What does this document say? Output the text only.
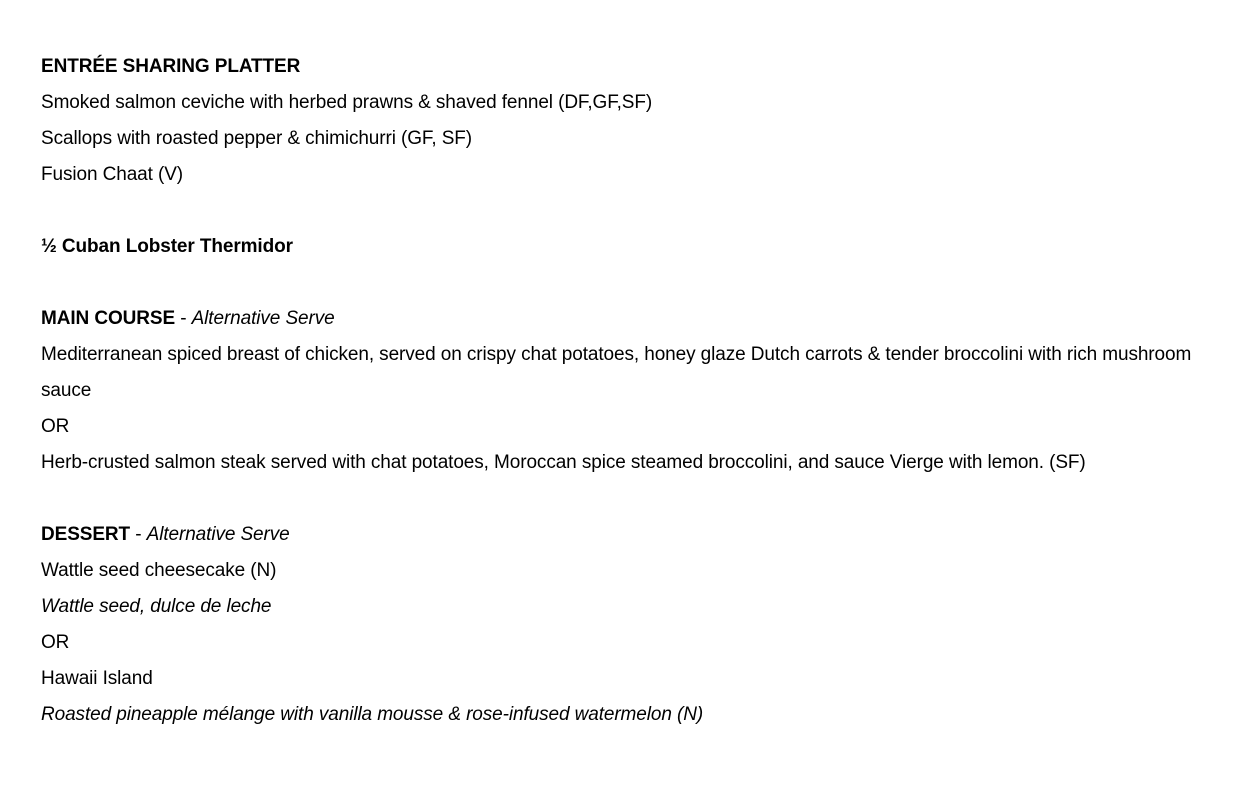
ENTRÉE SHARING PLATTER
Smoked salmon ceviche with herbed prawns & shaved fennel (DF,GF,SF)
Scallops with roasted pepper & chimichurri (GF, SF)
Fusion Chaat (V)
½ Cuban Lobster Thermidor
MAIN COURSE - Alternative Serve
Mediterranean spiced breast of chicken, served on crispy chat potatoes, honey glaze Dutch carrots & tender broccolini with rich mushroom sauce
OR
Herb-crusted salmon steak served with chat potatoes, Moroccan spice steamed broccolini, and sauce Vierge with lemon. (SF)
DESSERT - Alternative Serve
Wattle seed cheesecake (N)
Wattle seed, dulce de leche
OR
Hawaii Island
Roasted pineapple mélange with vanilla mousse & rose-infused watermelon (N)
